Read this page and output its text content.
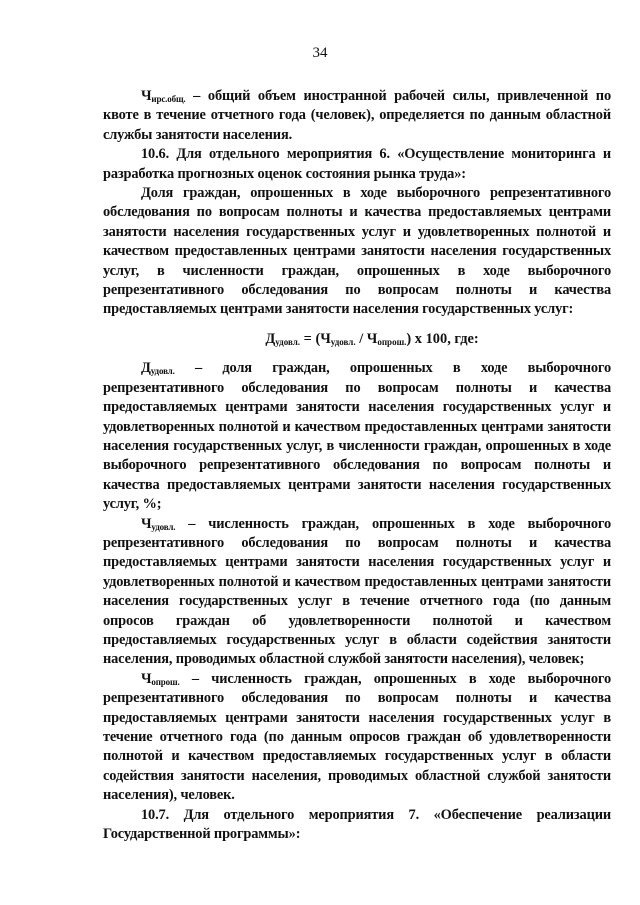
34

Чирс.общ. – общий объем иностранной рабочей силы, привлеченной по квоте в течение отчетного года (человек), определяется по данным областной службы занятости населения.

10.6. Для отдельного мероприятия 6. «Осуществление мониторинга и разработка прогнозных оценок состояния рынка труда»:

Доля граждан, опрошенных в ходе выборочного репрезентативного обследования по вопросам полноты и качества предоставляемых центрами занятости населения государственных услуг и удовлетворенных полнотой и качеством предоставленных центрами занятости населения государственных услуг, в численности граждан, опрошенных в ходе выборочного репрезентативного обследования по вопросам полноты и качества предоставляемых центрами занятости населения государственных услуг:

Дудовл. = (Чудовл. / Чопрош.) х 100, где:

Дудовл. – доля граждан, опрошенных в ходе выборочного репрезентативного обследования по вопросам полноты и качества предоставляемых центрами занятости населения государственных услуг и удовлетворенных полнотой и качеством предоставленных центрами занятости населения государственных услуг, в численности граждан, опрошенных в ходе выборочного репрезентативного обследования по вопросам полноты и качества предоставляемых центрами занятости населения государственных услуг, %;

Чудовл. – численность граждан, опрошенных в ходе выборочного репрезентативного обследования по вопросам полноты и качества предоставляемых центрами занятости населения государственных услуг и удовлетворенных полнотой и качеством предоставленных центрами занятости населения государственных услуг в течение отчетного года (по данным опросов граждан об удовлетворенности полнотой и качеством предоставляемых государственных услуг в области содействия занятости населения, проводимых областной службой занятости населения), человек;

Чопрош. – численность граждан, опрошенных в ходе выборочного репрезентативного обследования по вопросам полноты и качества предоставляемых центрами занятости населения государственных услуг в течение отчетного года (по данным опросов граждан об удовлетворенности полнотой и качеством предоставляемых государственных услуг в области содействия занятости населения, проводимых областной службой занятости населения), человек.

10.7. Для отдельного мероприятия 7. «Обеспечение реализации Государственной программы»:
